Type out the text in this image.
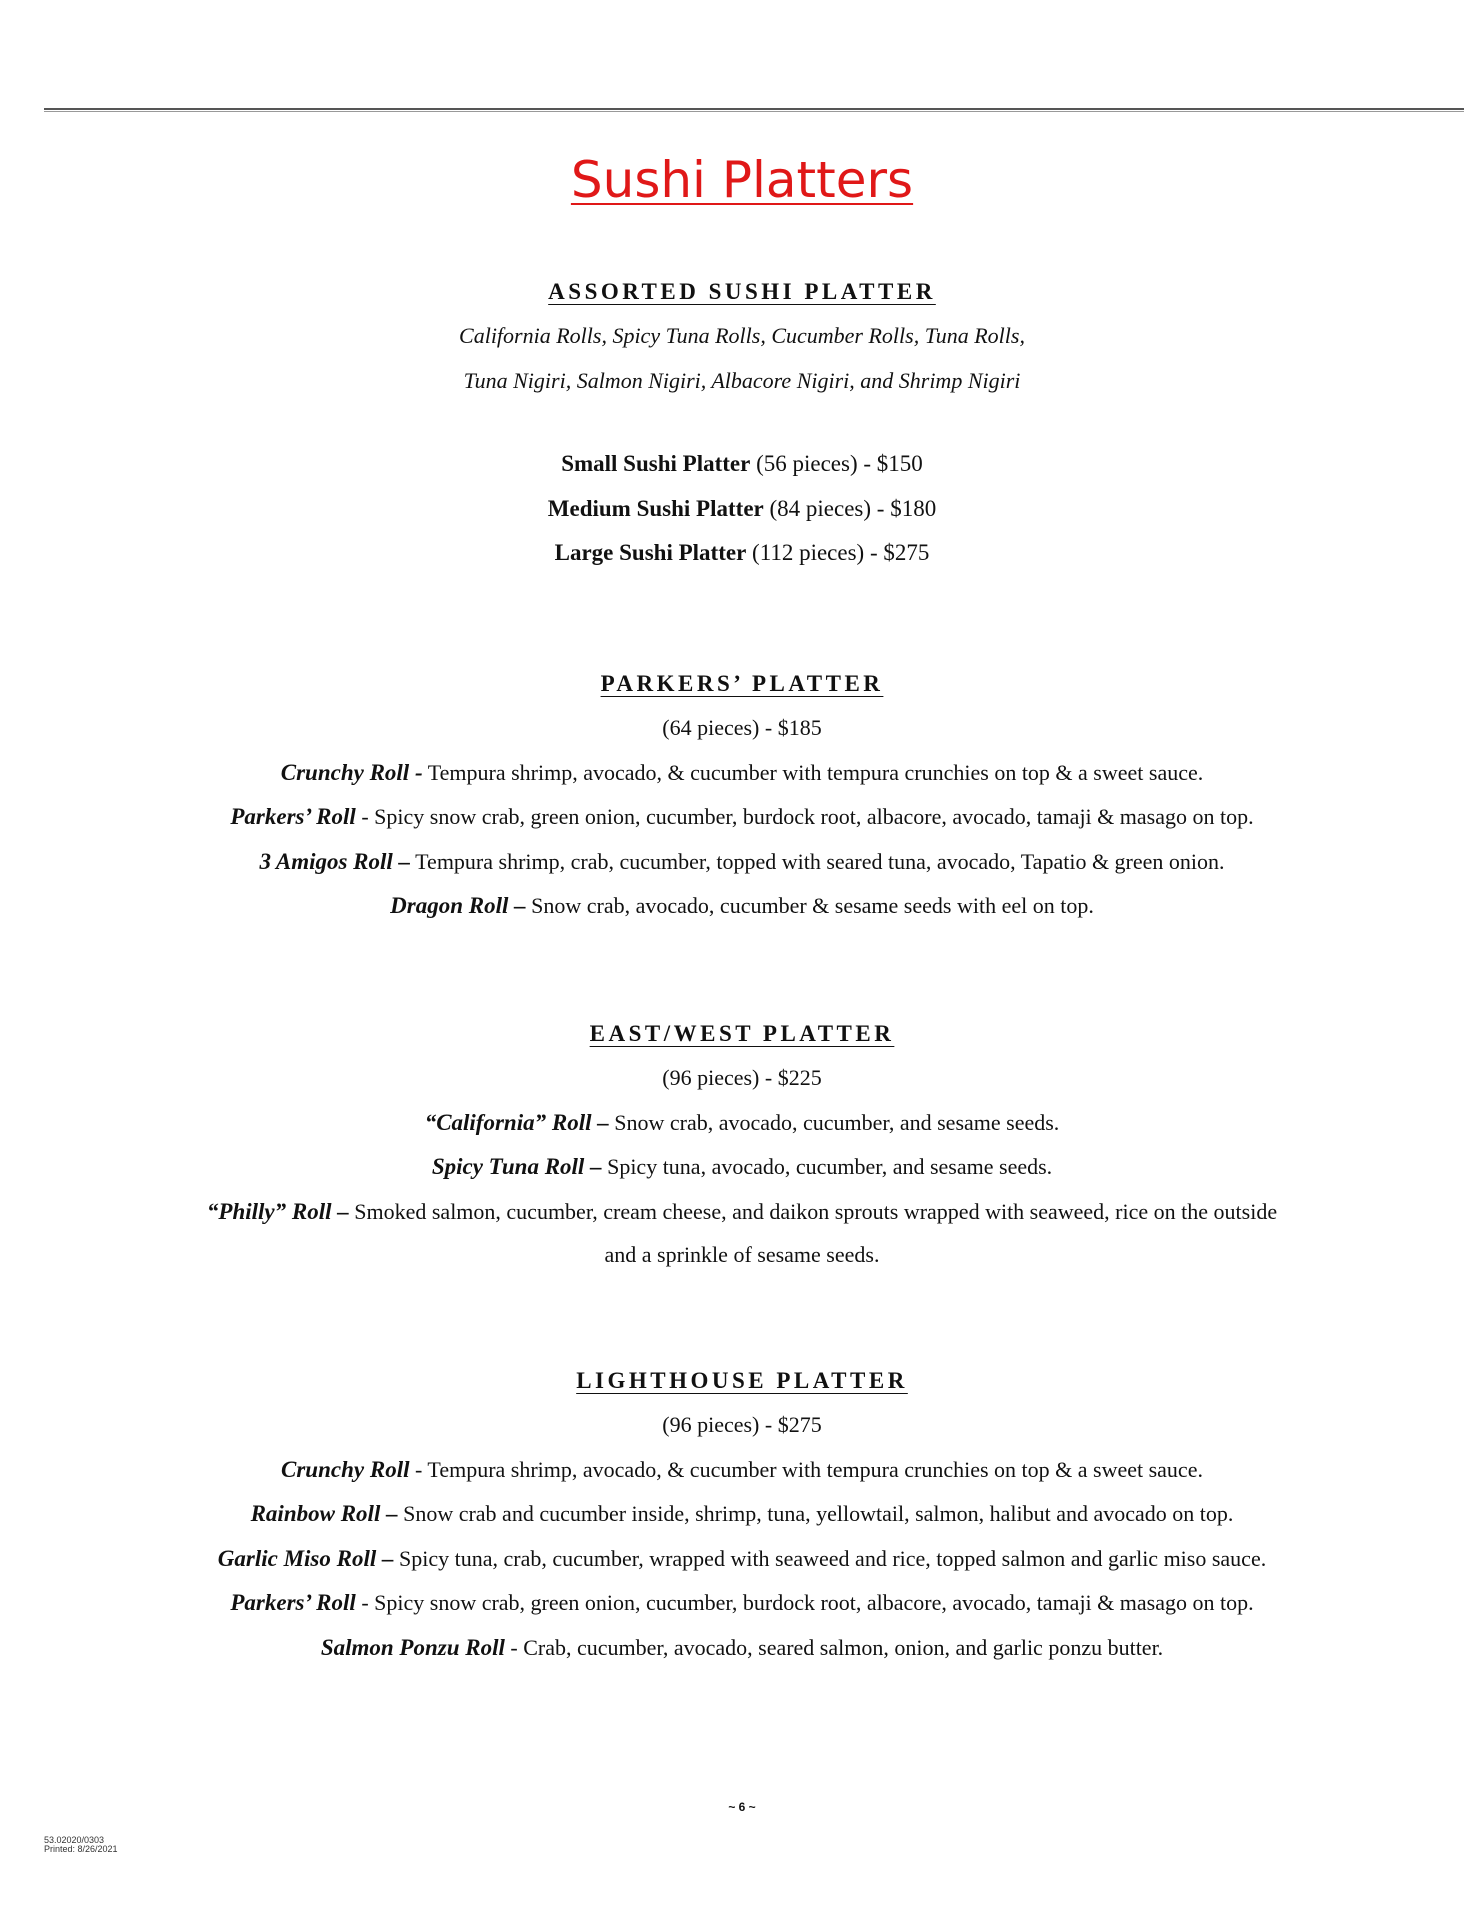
Sushi Platters
ASSORTED SUSHI PLATTER
California Rolls, Spicy Tuna Rolls, Cucumber Rolls, Tuna Rolls,
Tuna Nigiri, Salmon Nigiri, Albacore Nigiri, and Shrimp Nigiri
Small Sushi Platter (56 pieces) - $150
Medium Sushi Platter (84 pieces) - $180
Large Sushi Platter (112 pieces) - $275
PARKERS’ PLATTER
(64 pieces) - $185
Crunchy Roll - Tempura shrimp, avocado, & cucumber with tempura crunchies on top & a sweet sauce.
Parkers’ Roll - Spicy snow crab, green onion, cucumber, burdock root, albacore, avocado, tamaji & masago on top.
3 Amigos Roll – Tempura shrimp, crab, cucumber, topped with seared tuna, avocado, Tapatio & green onion.
Dragon Roll – Snow crab, avocado, cucumber & sesame seeds with eel on top.
EAST/WEST PLATTER
(96 pieces) - $225
“California” Roll – Snow crab, avocado, cucumber, and sesame seeds.
Spicy Tuna Roll – Spicy tuna, avocado, cucumber, and sesame seeds.
“Philly” Roll – Smoked salmon, cucumber, cream cheese, and daikon sprouts wrapped with seaweed, rice on the outside
and a sprinkle of sesame seeds.
LIGHTHOUSE PLATTER
(96 pieces) - $275
Crunchy Roll - Tempura shrimp, avocado, & cucumber with tempura crunchies on top & a sweet sauce.
Rainbow Roll – Snow crab and cucumber inside, shrimp, tuna, yellowtail, salmon, halibut and avocado on top.
Garlic Miso Roll – Spicy tuna, crab, cucumber, wrapped with seaweed and rice, topped salmon and garlic miso sauce.
Parkers’ Roll - Spicy snow crab, green onion, cucumber, burdock root, albacore, avocado, tamaji & masago on top.
Salmon Ponzu Roll - Crab, cucumber, avocado, seared salmon, onion, and garlic ponzu butter.
~ 6 ~
53.02020/0303
Printed: 8/26/2021
